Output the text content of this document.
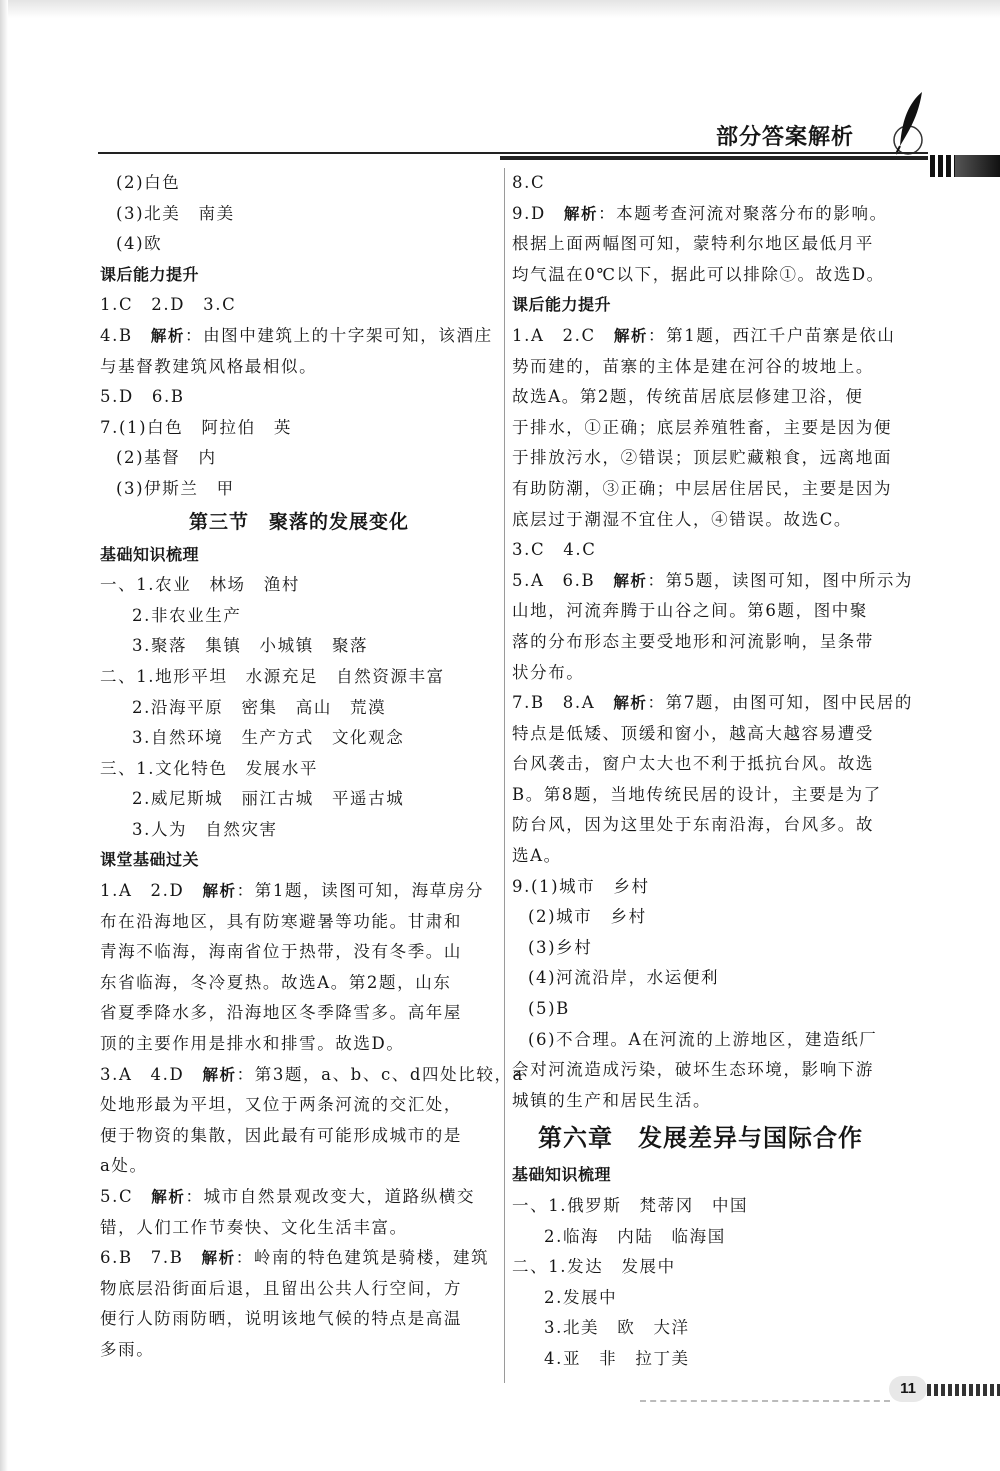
部分答案解析
(2)白色
(3)北美　南美
(4)欧
课后能力提升
1.C　2.D　3.C
4.B　解析：由图中建筑上的十字架可知，该酒庄
与基督教建筑风格最相似。
5.D　6.B
7.(1)白色　阿拉伯　英
(2)基督　内
(3)伊斯兰　甲
第三节　聚落的发展变化
基础知识梳理
一、1.农业　林场　渔村
2.非农业生产
3.聚落　集镇　小城镇　聚落
二、1.地形平坦　水源充足　自然资源丰富
2.沿海平原　密集　高山　荒漠
3.自然环境　生产方式　文化观念
三、1.文化特色　发展水平
2.威尼斯城　丽江古城　平遥古城
3.人为　自然灾害
课堂基础过关
1.A　2.D　解析：第1题，读图可知，海草房分
布在沿海地区，具有防寒避暑等功能。甘肃和
青海不临海，海南省位于热带，没有冬季。山
东省临海，冬冷夏热。故选A。第2题，山东
省夏季降水多，沿海地区冬季降雪多。高年屋
顶的主要作用是排水和排雪。故选D。
3.A　4.D　解析：第3题，a、b、c、d四处比较，a
处地形最为平坦，又位于两条河流的交汇处，
便于物资的集散，因此最有可能形成城市的是
a处。
5.C　解析：城市自然景观改变大，道路纵横交
错，人们工作节奏快、文化生活丰富。
6.B　7.B　解析：岭南的特色建筑是骑楼，建筑
物底层沿街面后退，且留出公共人行空间，方
便行人防雨防晒，说明该地气候的特点是高温
多雨。
8.C
9.D　解析：本题考查河流对聚落分布的影响。
根据上面两幅图可知，蒙特利尔地区最低月平
均气温在0℃以下，据此可以排除①。故选D。
课后能力提升
1.A　2.C　解析：第1题，西江千户苗寨是依山
势而建的，苗寨的主体是建在河谷的坡地上。
故选A。第2题，传统苗居底层修建卫浴，便
于排水，①正确；底层养殖牲畜，主要是因为便
于排放污水，②错误；顶层贮藏粮食，远离地面
有助防潮，③正确；中层居住居民，主要是因为
底层过于潮湿不宜住人，④错误。故选C。
3.C　4.C
5.A　6.B　解析：第5题，读图可知，图中所示为
山地，河流奔腾于山谷之间。第6题，图中聚
落的分布形态主要受地形和河流影响，呈条带
状分布。
7.B　8.A　解析：第7题，由图可知，图中民居的
特点是低矮、顶缓和窗小，越高大越容易遭受
台风袭击，窗户太大也不利于抵抗台风。故选
B。第8题，当地传统民居的设计，主要是为了
防台风，因为这里处于东南沿海，台风多。故
选A。
9.(1)城市　乡村
(2)城市　乡村
(3)乡村
(4)河流沿岸，水运便利
(5)B
(6)不合理。A在河流的上游地区，建造纸厂
会对河流造成污染，破坏生态环境，影响下游
城镇的生产和居民生活。
第六章　发展差异与国际合作
基础知识梳理
一、1.俄罗斯　梵蒂冈　中国
2.临海　内陆　临海国
二、1.发达　发展中
2.发展中
3.北美　欧　大洋
4.亚　非　拉丁美
11
